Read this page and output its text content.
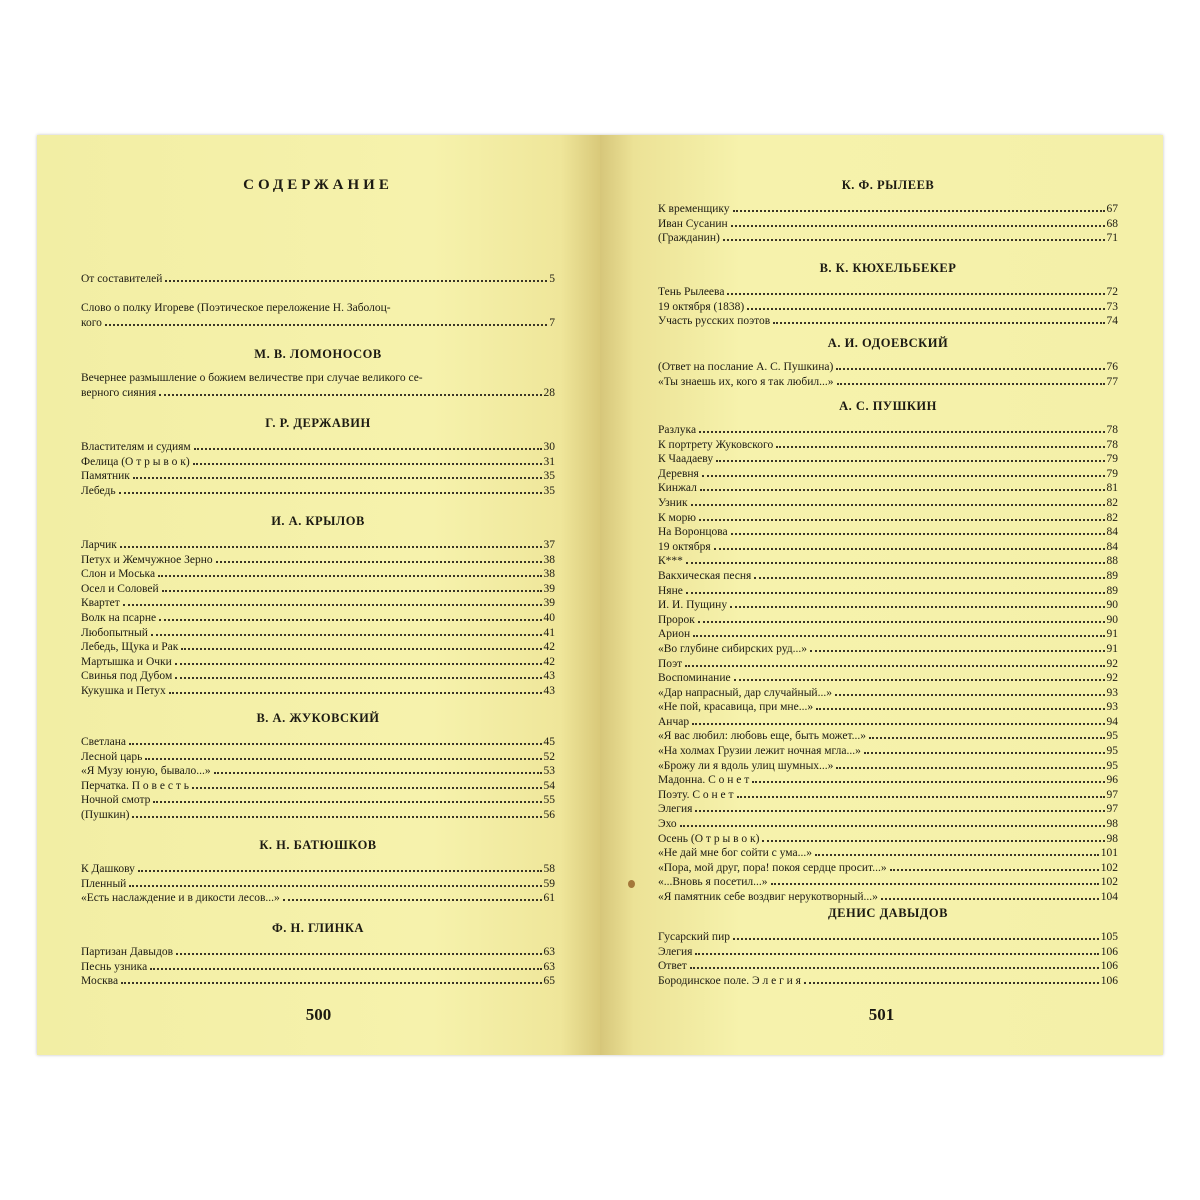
СОДЕРЖАНИЕ
От составителей	5
Слово о полку Игореве (Поэтическое переложение Н. Заболоц-
кого	7
М. В. ЛОМОНОСОВ
Вечернее размышление о божием величестве при случае великого се-
верного сияния	28
Г. Р. ДЕРЖАВИН
Властителям и судиям	30
Фелица (О т р ы в о к)	31
Памятник	35
Лебедь	35
И. А. КРЫЛОВ
Ларчик	37
Петух и Жемчужное Зерно	38
Слон и Моська	38
Осел и Соловей	39
Квартет	39
Волк на псарне	40
Любопытный	41
Лебедь, Щука и Рак	42
Мартышка и Очки	42
Свинья под Дубом	43
Кукушка и Петух	43
В. А. ЖУКОВСКИЙ
Светлана	45
Лесной царь	52
«Я Музу юную, бывало...»	53
Перчатка. П о в е с т ь	54
Ночной смотр	55
(Пушкин)	56
К. Н. БАТЮШКОВ
К Дашкову	58
Пленный	59
«Есть наслаждение и в дикости лесов...»	61
Ф. Н. ГЛИНКА
Партизан Давыдов	63
Песнь узника	63
Москва	65
500
К. Ф. РЫЛЕЕВ
К временщику	67
Иван Сусанин	68
(Гражданин)	71
В. К. КЮХЕЛЬБЕКЕР
Тень Рылеева	72
19 октября (1838)	73
Участь русских поэтов	74
А. И. ОДОЕВСКИЙ
(Ответ на послание А. С. Пушкина)	76
«Ты знаешь их, кого я так любил...»	77
А. С. ПУШКИН
Разлука	78
К портрету Жуковского	78
К Чаадаеву	79
Деревня	79
Кинжал	81
Узник	82
К морю	82
На Воронцова	84
19 октября	84
К***	88
Вакхическая песня	89
Няне	89
И. И. Пущину	90
Пророк	90
Арион	91
«Во глубине сибирских руд...»	91
Поэт	92
Воспоминание	92
«Дар напрасный, дар случайный...»	93
«Не пой, красавица, при мне...»	93
Анчар	94
«Я вас любил: любовь еще, быть может...»	95
«На холмах Грузии лежит ночная мгла...»	95
«Брожу ли я вдоль улиц шумных...»	95
Мадонна. С о н е т	96
Поэту. С о н е т	97
Элегия	97
Эхо	98
Осень (О т р ы в о к)	98
«Не дай мне бог сойти с ума...»	101
«Пора, мой друг, пора! покоя сердце просит...»	102
«...Вновь я посетил...»	102
«Я памятник себе воздвиг нерукотворный...»	104
ДЕНИС ДАВЫДОВ
Гусарский пир	105
Элегия	106
Ответ	106
Бородинское поле. Э л е г и я	106
501
